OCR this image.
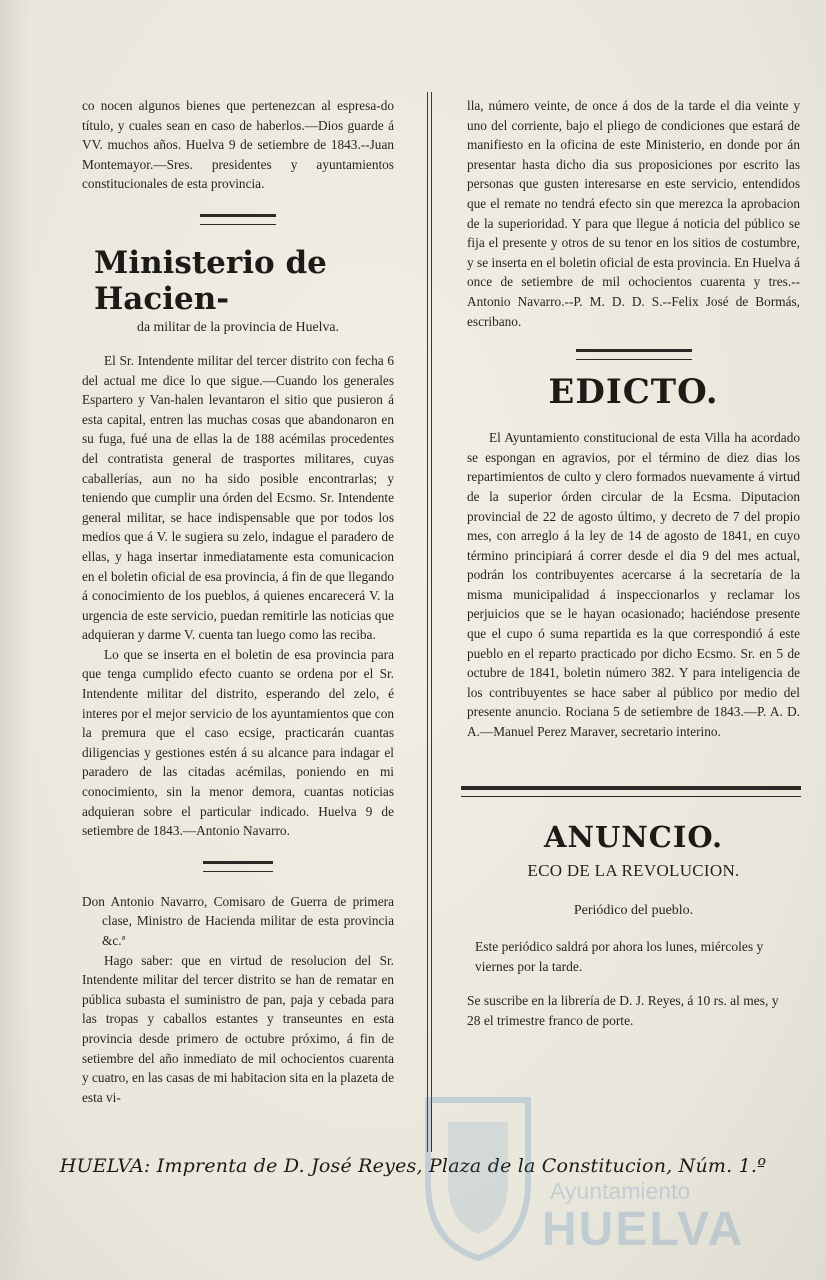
co nocen algunos bienes que pertenezcan al espresa-do título, y cuales sean en caso de haberlos.—Dios guarde á VV. muchos años. Huelva 9 de setiembre de 1843.--Juan Montemayor.—Sres. presidentes y ayuntamientos constitucionales de esta provincia.

Ministerio de Hacien-
da militar de la provincia de Huelva.

El Sr. Intendente militar del tercer distrito con fecha 6 del actual me dice lo que sigue.—Cuando los generales Espartero y Van-halen levantaron el sitio que pusieron á esta capital, entren las muchas cosas que abandonaron en su fuga, fué una de ellas la de 188 acémilas procedentes del contratista general de trasportes militares, cuyas caballerías, aun no ha sido posible encontrarlas; y teniendo que cumplir una órden del Ecsmo. Sr. Intendente general militar, se hace indispensable que por todos los medios que á V. le sugiera su zelo, indague el paradero de ellas, y haga insertar inmediatamente esta comunicacion en el boletin oficial de esa provincia, á fin de que llegando á conocimiento de los pueblos, á quienes encarecerá V. la urgencia de este servicio, puedan remitirle las noticias que adquieran y darme V. cuenta tan luego como las reciba.

Lo que se inserta en el boletin de esa provincia para que tenga cumplido efecto cuanto se ordena por el Sr. Intendente militar del distrito, esperando del zelo, é interes por el mejor servicio de los ayuntamientos que con la premura que el caso ecsige, practicarán cuantas diligencias y gestiones estén á su alcance para indagar el paradero de las citadas acémilas, poniendo en mi conocimiento, sin la menor demora, cuantas noticias adquieran sobre el particular indicado. Huelva 9 de setiembre de 1843.—Antonio Navarro.

Don Antonio Navarro, Comisaro de Guerra de primera clase, Ministro de Hacienda militar de esta provincia &c.ª

Hago saber: que en virtud de resolucion del Sr. Intendente militar del tercer distrito se han de rematar en pública subasta el suministro de pan, paja y cebada para las tropas y caballos estantes y transeuntes en esta provincia desde primero de octubre próximo, á fin de setiembre del año inmediato de mil ochocientos cuarenta y cuatro, en las casas de mi habitacion sita en la plazeta de esta vi-

lla, número veinte, de once á dos de la tarde el dia veinte y uno del corriente, bajo el pliego de condiciones que estará de manifiesto en la oficina de este Ministerio, en donde por án presentar hasta dicho dia sus proposiciones por escrito las personas que gusten interesarse en este servicio, entendidos que el remate no tendrá efecto sin que merezca la aprobacion de la superioridad. Y para que llegue á noticia del público se fija el presente y otros de su tenor en los sitios de costumbre, y se inserta en el boletin oficial de esta provincia. En Huelva á once de setiembre de mil ochocientos cuarenta y tres.--Antonio Navarro.--P. M. D. D. S.--Felix José de Bormás, escribano.

EDICTO.

El Ayuntamiento constitucional de esta Villa ha acordado se espongan en agravios, por el término de diez dias los repartimientos de culto y clero formados nuevamente á virtud de la superior órden circular de la Ecsma. Diputacion provincial de 22 de agosto último, y decreto de 7 del propio mes, con arreglo á la ley de 14 de agosto de 1841, en cuyo término principiará á correr desde el dia 9 del mes actual, podrán los contribuyentes acercarse á la secretaría de la misma municipalidad á inspeccionarlos y reclamar los perjuicios que se le hayan ocasionado; haciéndose presente que el cupo ó suma repartida es la que correspondió á este pueblo en el reparto practicado por dicho Ecsmo. Sr. en 5 de octubre de 1841, boletin número 382. Y para inteligencia de los contribuyentes se hace saber al público por medio del presente anuncio. Rociana 5 de setiembre de 1843.—P. A. D. A.—Manuel Perez Maraver, secretario interino.

ANUNCIO.
ECO DE LA REVOLUCION.
Periódico del pueblo.
Este periódico saldrá por ahora los lunes, miércoles y viernes por la tarde.
Se suscribe en la librería de D. J. Reyes, á 10 rs. al mes, y 28 el trimestre franco de porte.
HUELVA: Imprenta de D. José Reyes, Plaza de la Constitucion, Núm. 1.º
Ayuntamiento
HUELVA
